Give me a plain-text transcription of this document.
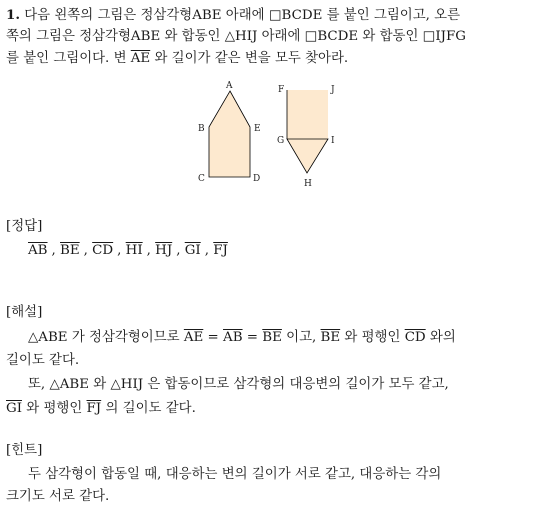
1. 다음 왼쪽의 그림은 정삼각형ABE 아래에 □BCDE 를 붙인 그림이고, 오른

쪽의 그림은 정삼각형ABE 와 합동인 △HIJ 아래에 □BCDE 와 합동인 □IJFG

를 붙인 그림이다. 변 $\overline{AE}$ 와 길이가 같은 변을 모두 찾아라.

A
B	E
C	D
F	J
G	I
H

[정답]

$\overline{AB}$ , $\overline{BE}$ , $\overline{CD}$ , $\overline{HI}$ , $\overline{HJ}$ , $\overline{GI}$ , $\overline{FJ}$

[해설]

△ABE 가 정삼각형이므로 $\overline{AE} = \overline{AB} = \overline{BE}$ 이고, $\overline{BE}$ 와 평행인 $\overline{CD}$ 와의

길이도 같다.

또, △ABE 와 △HIJ 은 합동이므로 삼각형의 대응변의 길이가 모두 같고,

$\overline{GI}$ 와 평행인 $\overline{FJ}$ 의 길이도 같다.

[힌트]

두 삼각형이 합동일 때, 대응하는 변의 길이가 서로 같고, 대응하는 각의

크기도 서로 같다.
